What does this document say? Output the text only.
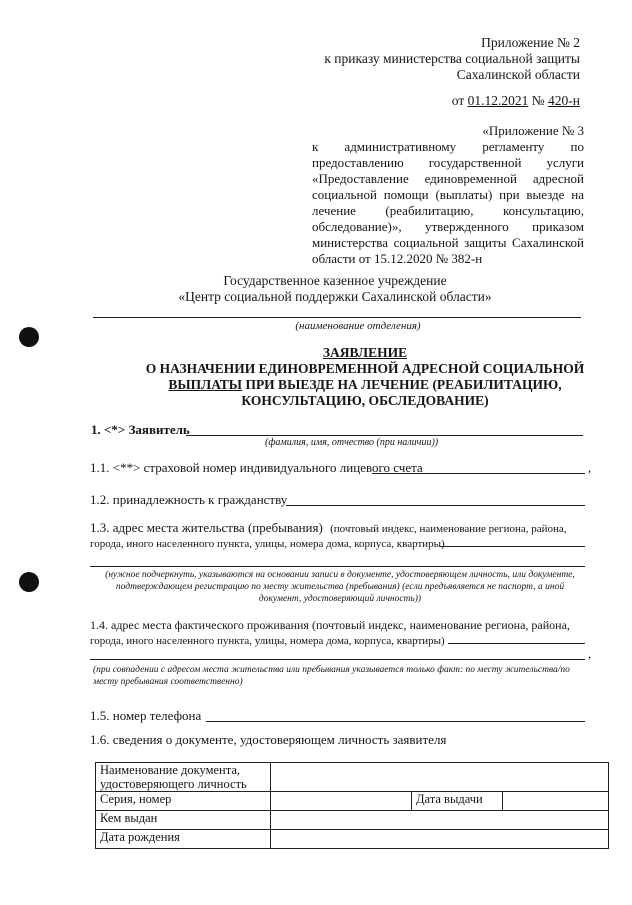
Приложение № 2
к приказу министерства социальной защиты
Сахалинской области
от 01.12.2021 № 420-н
«Приложение № 3
к административному регламенту по
предоставлению государственной услуги
«Предоставление единовременной адресной
социальной помощи (выплаты) при выезде на
лечение (реабилитацию, консультацию,
обследование)», утвержденного приказом
министерства социальной защиты Сахалинской
области от 15.12.2020 № 382-н
Государственное казенное учреждение
«Центр социальной поддержки Сахалинской области»
(наименование отделения)
ЗАЯВЛЕНИЕ
О НАЗНАЧЕНИИ ЕДИНОВРЕМЕННОЙ АДРЕСНОЙ СОЦИАЛЬНОЙ
ВЫПЛАТЫ ПРИ ВЫЕЗДЕ НА ЛЕЧЕНИЕ (РЕАБИЛИТАЦИЮ,
КОНСУЛЬТАЦИЮ, ОБСЛЕДОВАНИЕ)
1. <*> Заявитель
(фамилия, имя, отчество (при наличии))
1.1. <**> страховой номер индивидуального лицевого счета	,
1.2. принадлежность к гражданству
1.3. адрес места жительства (пребывания) (почтовый индекс, наименование региона, района,
города, иного населенного пункта, улицы, номера дома, корпуса, квартиры)
(нужное подчеркнуть, указываются на основании записи в документе, удостоверяющем личность, или документе, подтверждающем регистрацию по месту жительства (пребывания) (если предъявляется не паспорт, а иной документ, удостоверяющий личность))
1.4. адрес места фактического проживания (почтовый индекс, наименование региона, района,
города, иного населенного пункта, улицы, номера дома, корпуса, квартиры)
,
(при совпадении с адресом места жительства или пребывания указывается только факт: по месту жительства/по месту пребывания соответственно)
1.5. номер телефона
1.6. сведения о документе, удостоверяющем личность заявителя
Наименование документа, удостоверяющего личность			
Серия, номер		Дата выдачи	
Кем выдан			
Дата рождения			
